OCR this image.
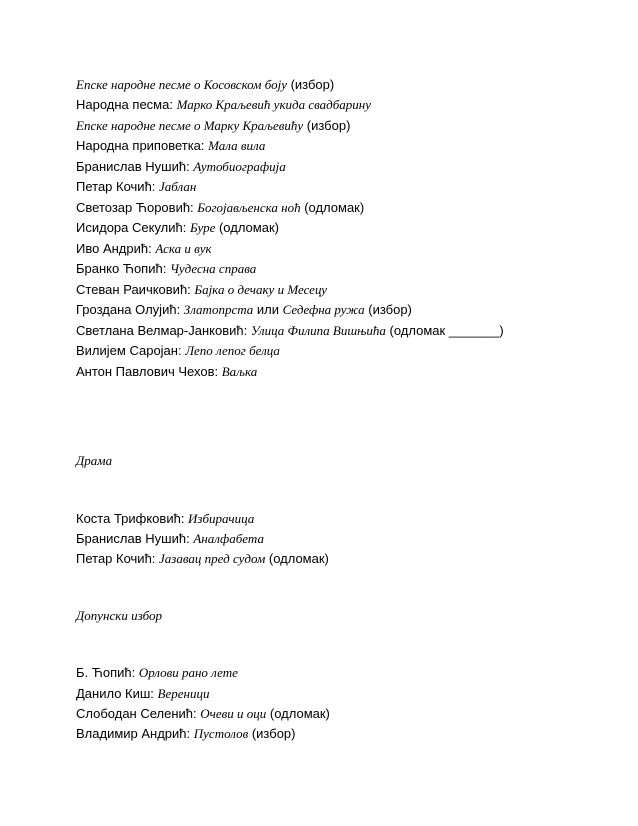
Епске народне песме о Косовском боју (избор)
Народна песма: Марко Краљевић укида свадбарину
Епске народне песме о Марку Краљевићу (избор)
Народна приповетка: Мала вила
Бранислав Нушић: Аутобиографија
Петар Кочић: Јаблан
Светозар Ћоровић: Богојављенска ноћ (одломак)
Исидора Секулић: Буре (одломак)
Иво Андрић: Аска и вук
Бранко Ћопић: Чудесна справа
Стеван Раичковић: Бајка о дечаку и Месецу
Гроздана Олујић: Златопрста или Седефна ружа (избор)
Светлана Велмар-Јанковић: Улица Филипа Вишњића (одломак _______)
Вилијем Сароjан: Лепо лепог белца
Антон Павлович Чехов: Ваљка
Драма
Коста Трифковић: Избирачица
Бранислав Нушић: Аналфабета
Петар Кочић: Јазавац пред судом (одломак)
Допунски избор
Б. Ћопић: Орлови рано лете
Данило Киш: Вереници
Слободан Селенић: Очеви и оци (одломак)
Владимир Андрић: Пустолов (избор)
